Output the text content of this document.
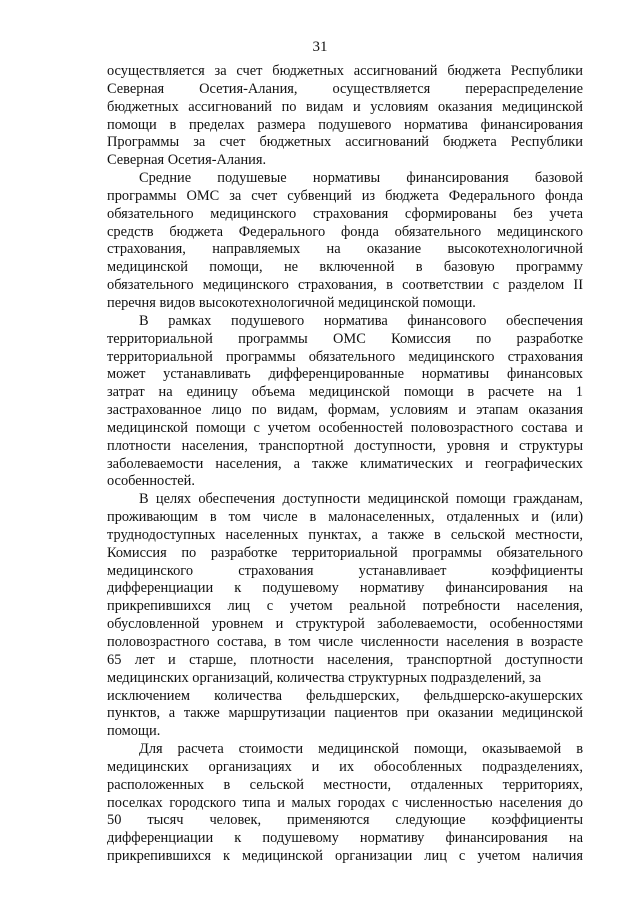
31
осуществляется за счет бюджетных ассигнований бюджета Республики
Северная Осетия-Алания, осуществляется перераспределение
бюджетных ассигнований по видам и условиям оказания медицинской
помощи в пределах размера подушевого норматива финансирования
Программы за счет бюджетных ассигнований бюджета Республики
Северная Осетия-Алания.
Средние подушевые нормативы финансирования базовой
программы ОМС за счет субвенций из бюджета Федерального фонда
обязательного медицинского страхования сформированы без учета
средств бюджета Федерального фонда обязательного медицинского
страхования, направляемых на оказание высокотехнологичной
медицинской помощи, не включенной в базовую программу
обязательного медицинского страхования, в соответствии с разделом II
перечня видов высокотехнологичной медицинской помощи.
В рамках подушевого норматива финансового обеспечения
территориальной программы ОМС Комиссия по разработке
территориальной программы обязательного медицинского страхования
может устанавливать дифференцированные нормативы финансовых
затрат на единицу объема медицинской помощи в расчете на 1
застрахованное лицо по видам, формам, условиям и этапам оказания
медицинской помощи с учетом особенностей половозрастного состава и
плотности населения, транспортной доступности, уровня и структуры
заболеваемости населения, а также климатических и географических
особенностей.
В целях обеспечения доступности медицинской помощи гражданам,
проживающим в том числе в малонаселенных, отдаленных и (или)
труднодоступных населенных пунктах, а также в сельской местности,
Комиссия по разработке территориальной программы обязательного
медицинского страхования устанавливает коэффициенты
дифференциации к подушевому нормативу финансирования на
прикрепившихся лиц с учетом реальной потребности населения,
обусловленной уровнем и структурой заболеваемости, особенностями
половозрастного состава, в том числе численности населения в возрасте
65 лет и старше, плотности населения, транспортной доступности
медицинских организаций, количества структурных подразделений, за
исключением количества фельдшерских, фельдшерско-акушерских
пунктов, а также маршрутизации пациентов при оказании медицинской
помощи.
Для расчета стоимости медицинской помощи, оказываемой в
медицинских организациях и их обособленных подразделениях,
расположенных в сельской местности, отдаленных территориях,
поселках городского типа и малых городах с численностью населения до
50 тысяч человек, применяются следующие коэффициенты
дифференциации к подушевому нормативу финансирования на
прикрепившихся к медицинской организации лиц с учетом наличия
